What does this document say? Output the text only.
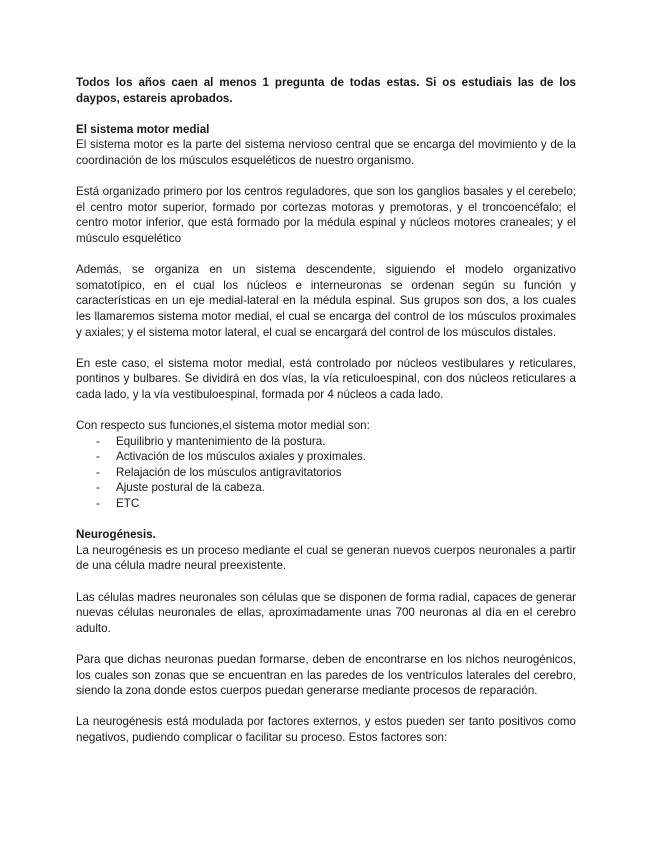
Todos los años caen al menos 1 pregunta de todas estas. Si os estudiais las de los daypos, estareis aprobados.

El sistema motor medial

El sistema motor es la parte del sistema nervioso central que se encarga del movimiento y de la coordinación de los músculos esqueléticos de nuestro organismo.

Está organizado primero por los centros reguladores, que son los ganglios basales y el cerebelo; el centro motor superior, formado por cortezas motoras y premotoras, y el troncoencéfalo; el centro motor inferior, que está formado por la médula espinal y núcleos motores craneales; y el músculo esquelético

Además, se organiza en un sistema descendente, siguiendo el modelo organizativo somatotípico, en el cual los núcleos e interneuronas se ordenan según su función y características en un eje medial-lateral en la médula espinal. Sus grupos son dos, a los cuales les llamaremos sistema motor medial, el cual se encarga del control de los músculos proximales y axiales; y el sistema motor lateral, el cual se encargará del control de los músculos distales.

En este caso, el sistema motor medial, está controlado por núcleos vestibulares y reticulares, pontinos y bulbares. Se dividirá en dos vías, la vía reticuloespinal, con dos núcleos reticulares a cada lado, y la vía vestibuloespinal, formada por 4 núcleos a cada lado.

Con respecto sus funciones,el sistema motor medial son:

- Equilibrio y mantenimiento de la postura.
- Activación de los músculos axiales y proximales.
- Relajación de los músculos antigravitatorios
- Ajuste postural de la cabeza.
- ETC

Neurogénesis.

La neurogénesis es un proceso mediante el cual se generan nuevos cuerpos neuronales a partir de una célula madre neural preexistente.

Las células madres neuronales son células que se disponen de forma radial, capaces de generar nuevas células neuronales de ellas, aproximadamente unas 700 neuronas al día en el cerebro adulto.

Para que dichas neuronas puedan formarse, deben de encontrarse en los nichos neurogénicos, los cuales son zonas que se encuentran en las paredes de los ventrículos laterales del cerebro, siendo la zona donde estos cuerpos puedan generarse mediante procesos de reparación.

La neurogénesis está modulada por factores externos, y estos pueden ser tanto positivos como negativos, pudiendo complicar o facilitar su proceso. Estos factores son:
